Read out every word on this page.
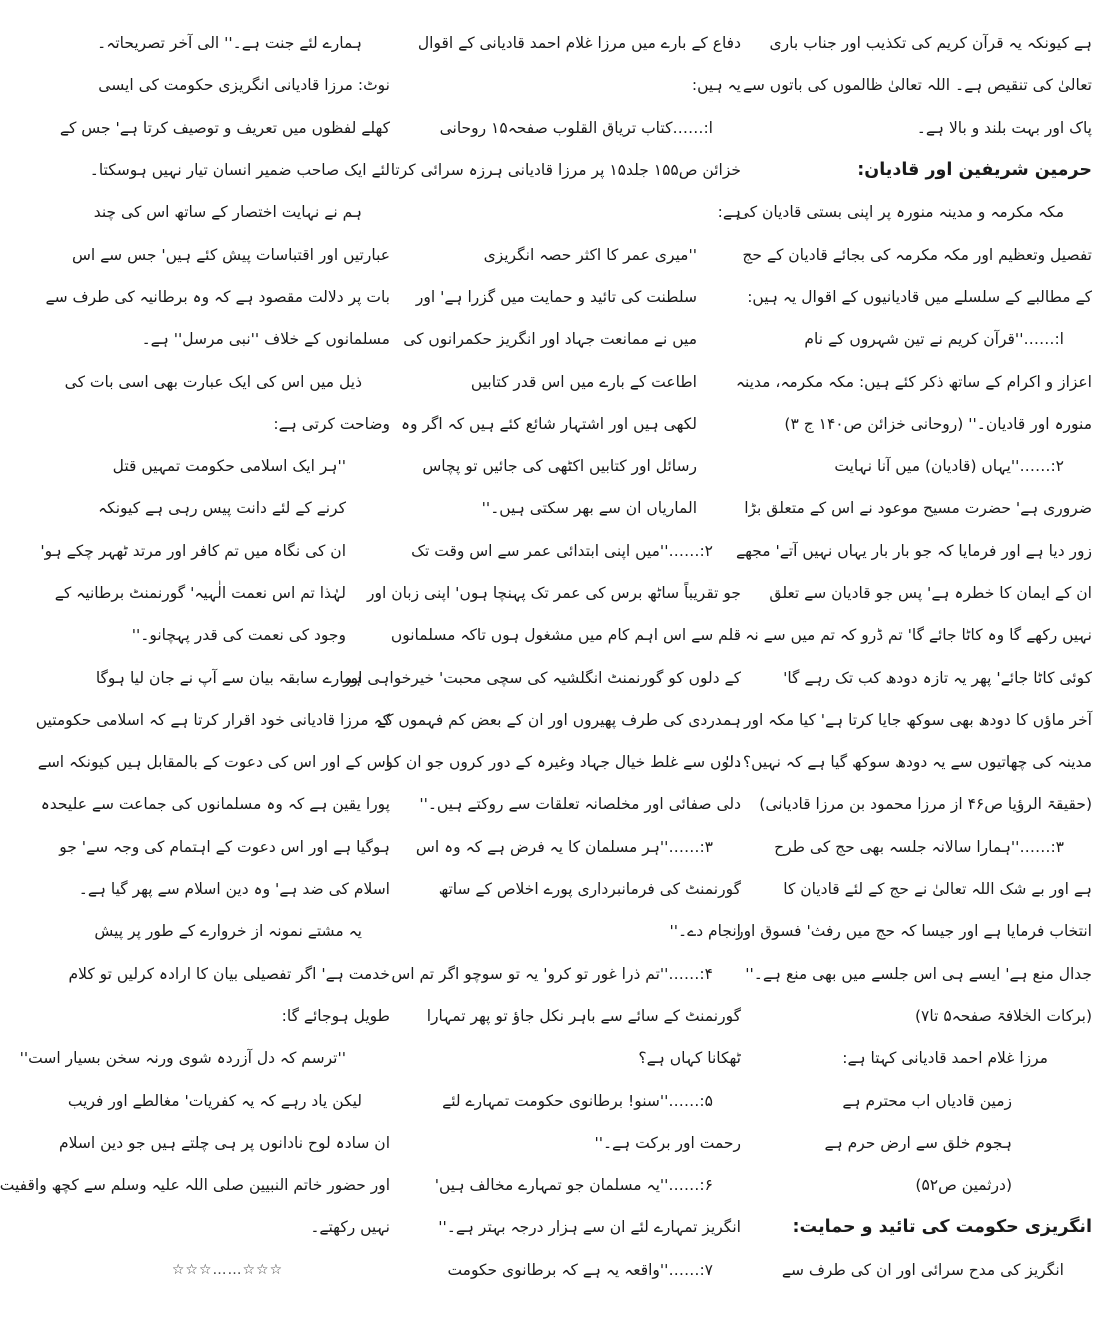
ہے کیونکہ یہ قرآن کریم کی تکذیب اور جناب باری
تعالیٰ کی تنقیص ہے۔ اللہ تعالیٰ ظالموں کی باتوں سے
پاک اور بہت بلند و بالا ہے۔
حرمین شریفین اور قادیان:
مکہ مکرمہ و مدینہ منورہ پر اپنی بستی قادیان کی
تفصیل وتعظیم اور مکہ مکرمہ کی بجائے قادیان کے حج
کے مطالبے کے سلسلے میں قادیانیوں کے اقوال یہ ہیں:
ا:……''قرآن کریم نے تین شہروں کے نام
اعزاز و اکرام کے ساتھ ذکر کئے ہیں: مکہ مکرمہ، مدینہ
منورہ اور قادیان۔'' (روحانی خزائن ص۱۴۰ ج ۳)
۲:……''یہاں (قادیان) میں آنا نہایت
ضروری ہے' حضرت مسیح موعود نے اس کے متعلق بڑا
زور دیا ہے اور فرمایا کہ جو بار بار یہاں نہیں آتے' مجھے
ان کے ایمان کا خطرہ ہے' پس جو قادیان سے تعلق
نہیں رکھے گا وہ کاٹا جائے گا' تم ڈرو کہ تم میں سے نہ
کوئی کاٹا جائے' پھر یہ تازہ دودھ کب تک رہے گا'
آخر ماؤں کا دودھ بھی سوکھ جایا کرتا ہے' کیا مکہ اور
مدینہ کی چھاتیوں سے یہ دودھ سوکھ گیا ہے کہ نہیں؟۔''
(حقیقۃ الرؤیا ص۴۶ از مرزا محمود بن مرزا قادیانی)
۳:……''ہمارا سالانہ جلسہ بھی حج کی طرح
ہے اور بے شک اللہ تعالیٰ نے حج کے لئے قادیان کا
انتخاب فرمایا ہے اور جیسا کہ حج میں رفث' فسوق اور
جدال منع ہے' ایسے ہی اس جلسے میں بھی منع ہے۔''
(برکات الخلافۃ صفحہ۵ تا۷)
مرزا غلام احمد قادیانی کہتا ہے:
زمین قادیاں اب محترم ہے
ہجوم خلق سے ارض حرم ہے
(درثمین ص۵۲)
انگریزی حکومت کی تائید و حمایت:
انگریز کی مدح سرائی اور ان کی طرف سے
دفاع کے بارے میں مرزا غلام احمد قادیانی کے اقوال
یہ ہیں:
ا:……کتاب تریاق القلوب صفحہ۱۵ روحانی
خزائن ص۱۵۵ جلد۱۵ پر مرزا قادیانی ہرزہ سرائی کرتا
ہے:
''میری عمر کا اکثر حصہ انگریزی
سلطنت کی تائید و حمایت میں گزرا ہے' اور
میں نے ممانعت جہاد اور انگریز حکمرانوں کی
اطاعت کے بارے میں اس قدر کتابیں
لکھی ہیں اور اشتہار شائع کئے ہیں کہ اگر وہ
رسائل اور کتابیں اکٹھی کی جائیں تو پچاس
الماریاں ان سے بھر سکتی ہیں۔''
۲:……''میں اپنی ابتدائی عمر سے اس وقت تک
جو تقریباً ساٹھ برس کی عمر تک پہنچا ہوں' اپنی زبان اور
قلم سے اس اہم کام میں مشغول ہوں تاکہ مسلمانوں
کے دلوں کو گورنمنٹ انگلشیہ کی سچی محبت' خیرخواہی اور
ہمدردی کی طرف پھیروں اور ان کے بعض کم فہموں کے
دلوں سے غلط خیال جہاد وغیرہ کے دور کروں جو ان کو
دلی صفائی اور مخلصانہ تعلقات سے روکتے ہیں۔''
۳:……''ہر مسلمان کا یہ فرض ہے کہ وہ اس
گورنمنٹ کی فرمانبرداری پورے اخلاص کے ساتھ
انجام دے۔''
۴:……''تم ذرا غور تو کرو' یہ تو سوچو اگر تم اس
گورنمنٹ کے سائے سے باہر نکل جاؤ تو پھر تمہارا
ٹھکانا کہاں ہے؟
۵:……''سنو! برطانوی حکومت تمہارے لئے
رحمت اور برکت ہے۔''
۶:……''یہ مسلمان جو تمہارے مخالف ہیں'
انگریز تمہارے لئے ان سے ہزار درجہ بہتر ہے۔''
۷:……''واقعہ یہ ہے کہ برطانوی حکومت
ہمارے لئے جنت ہے۔'' الی آخر تصریحاتہ۔
نوٹ: مرزا قادیانی انگریزی حکومت کی ایسی
کھلے لفظوں میں تعریف و توصیف کرتا ہے' جس کے
لئے ایک صاحب ضمیر انسان تیار نہیں ہوسکتا۔
ہم نے نہایت اختصار کے ساتھ اس کی چند
عبارتیں اور اقتباسات پیش کئے ہیں' جس سے اس
بات پر دلالت مقصود ہے کہ وہ برطانیہ کی طرف سے
مسلمانوں کے خلاف ''نبی مرسل'' ہے۔
ذیل میں اس کی ایک عبارت بھی اسی بات کی
وضاحت کرتی ہے:
''ہر ایک اسلامی حکومت تمہیں قتل
کرنے کے لئے دانت پیس رہی ہے کیونکہ
ان کی نگاہ میں تم کافر اور مرتد ٹھہر چکے ہو'
لہٰذا تم اس نعمت الٰہیہ' گورنمنٹ برطانیہ کے
وجود کی نعمت کی قدر پہچانو۔''
ہمارے سابقہ بیان سے آپ نے جان لیا ہوگا
کہ مرزا قادیانی خود اقرار کرتا ہے کہ اسلامی حکومتیں
اس کے اور اس کی دعوت کے بالمقابل ہیں کیونکہ اسے
پورا یقین ہے کہ وہ مسلمانوں کی جماعت سے علیحدہ
ہوگیا ہے اور اس دعوت کے اہتمام کی وجہ سے' جو
اسلام کی ضد ہے' وہ دین اسلام سے پھر گیا ہے۔
یہ مشتے نمونہ از خروارے کے طور پر پیش
خدمت ہے' اگر تفصیلی بیان کا ارادہ کرلیں تو کلام
طویل ہوجائے گا:
''ترسم کہ دل آزردہ شوی ورنہ سخن بسیار است''
لیکن یاد رہے کہ یہ کفریات' مغالطے اور فریب
ان سادہ لوح نادانوں پر ہی چلتے ہیں جو دین اسلام
اور حضور خاتم النبیین صلی اللہ علیہ وسلم سے کچھ واقفیت
نہیں رکھتے۔
☆☆☆……☆☆☆
